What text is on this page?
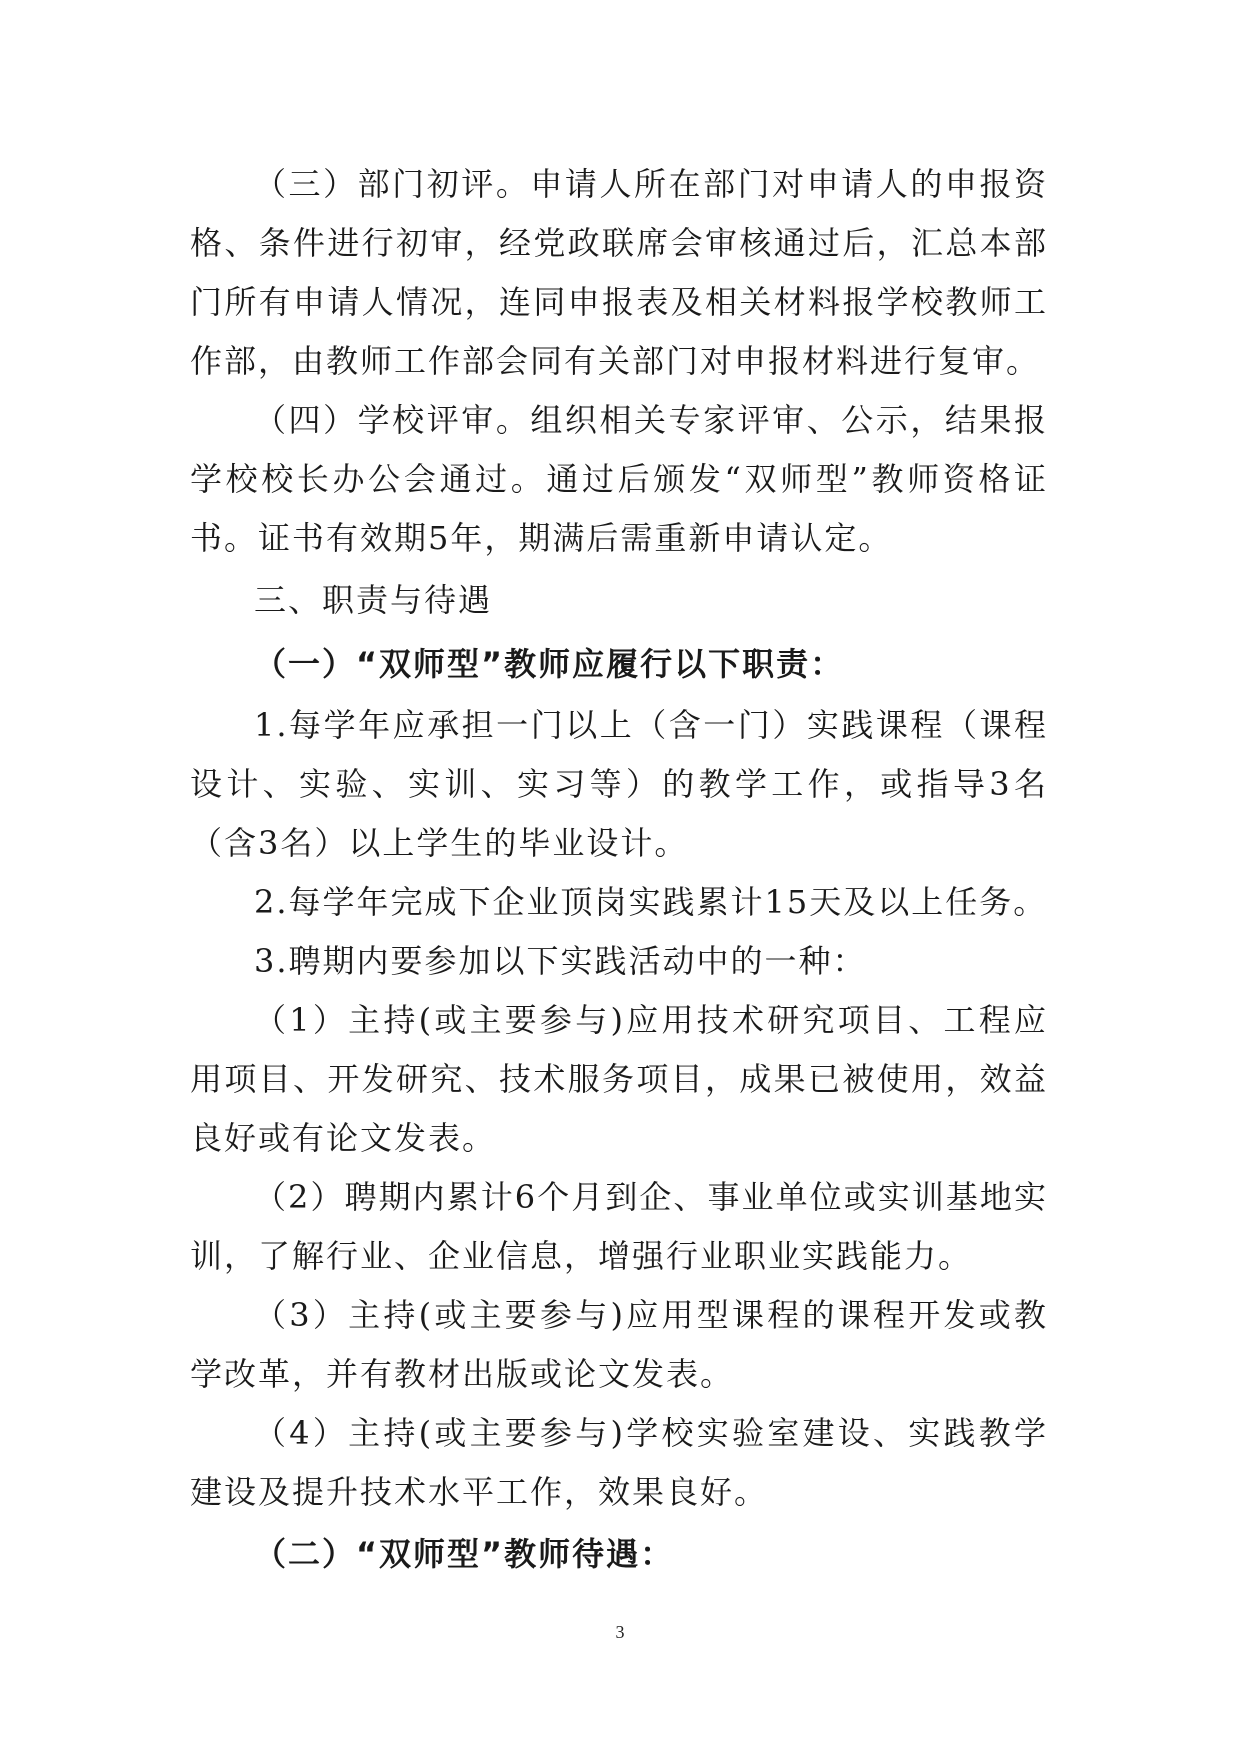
（三）部门初评。申请人所在部门对申请人的申报资格、条件进行初审，经党政联席会审核通过后，汇总本部门所有申请人情况，连同申报表及相关材料报学校教师工作部，由教师工作部会同有关部门对申报材料进行复审。

（四）学校评审。组织相关专家评审、公示，结果报学校校长办公会通过。通过后颁发“双师型”教师资格证书。证书有效期5年，期满后需重新申请认定。

三、职责与待遇

（一）“双师型”教师应履行以下职责：

1.每学年应承担一门以上（含一门）实践课程（课程设计、实验、实训、实习等）的教学工作，或指导3名（含3名）以上学生的毕业设计。

2.每学年完成下企业顶岗实践累计15天及以上任务。

3.聘期内要参加以下实践活动中的一种：

（1）主持(或主要参与)应用技术研究项目、工程应用项目、开发研究、技术服务项目，成果已被使用，效益良好或有论文发表。

（2）聘期内累计6个月到企、事业单位或实训基地实训，了解行业、企业信息，增强行业职业实践能力。

（3）主持(或主要参与)应用型课程的课程开发或教学改革，并有教材出版或论文发表。

（4）主持(或主要参与)学校实验室建设、实践教学建设及提升技术水平工作，效果良好。

（二）“双师型”教师待遇：

3
